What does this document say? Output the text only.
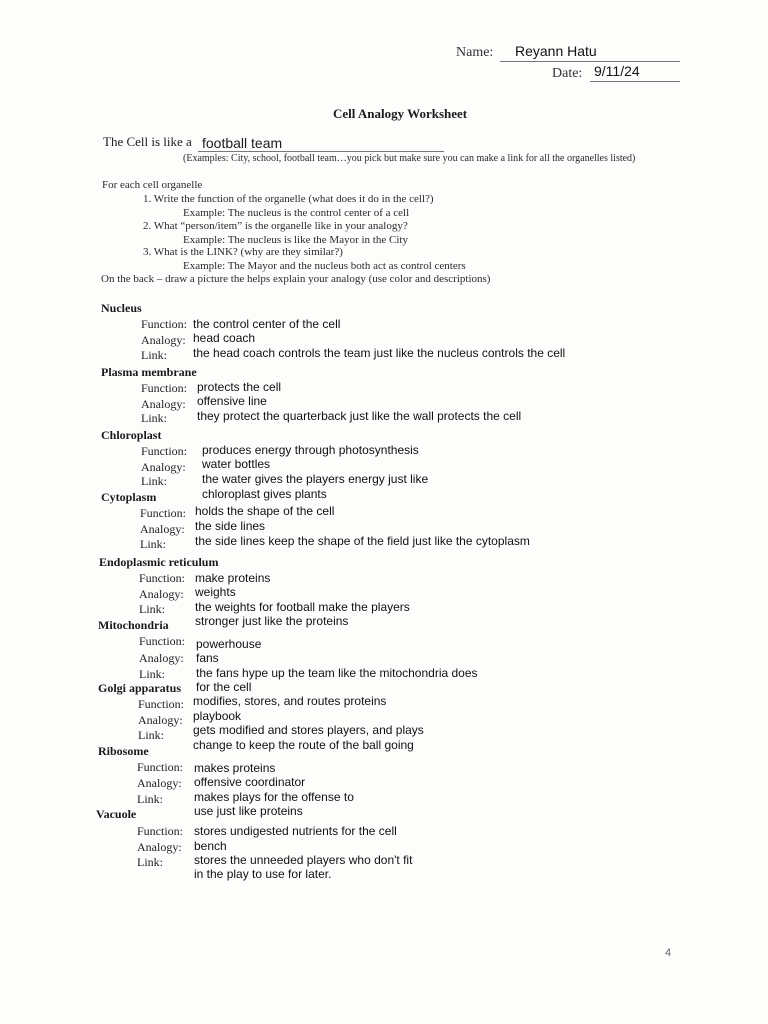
Name: Reyann Hatu
Date: 9/11/24
Cell Analogy Worksheet
The Cell is like a football team
(Examples: City, school, football team…you pick but make sure you can make a link for all the organelles listed)
For each cell organelle
1. Write the function of the organelle (what does it do in the cell?)
Example: The nucleus is the control center of a cell
2. What “person/item” is the organelle like in your analogy?
Example: The nucleus is like the Mayor in the City
3. What is the LINK? (why are they similar?)
Example: The Mayor and the nucleus both act as control centers
On the back – draw a picture the helps explain your analogy (use color and descriptions)
Nucleus
Function: the control center of the cell
Analogy: head coach
Link: the head coach controls the team just like the nucleus controls the cell
Plasma membrane
Function: protects the cell
Analogy: offensive line
Link:	they protect the quarterback just like the wall protects the cell
Chloroplast
Function: produces energy through photosynthesis
Analogy: water bottles
Link:	the water gives the players energy just like
chloroplast gives plants
Cytoplasm
Function: holds the shape of the cell
Analogy: the side lines
Link: the side lines keep the shape of the field just like the cytoplasm
Endoplasmic reticulum
Function: make proteins
Analogy: weights
Link:	the weights for football make the players
stronger just like the proteins
Mitochondria
Function: powerhouse
Analogy: fans
Link:	the fans hype up the team like the mitochondria does
for the cell
Golgi apparatus
Function: modifies, stores, and routes proteins
Analogy: playbook
Link: gets modified and stores players, and plays
change to keep the route of the ball going
Ribosome
Function: makes proteins
Analogy: offensive coordinator
Link:	makes plays for the offense to
use just like proteins
Vacuole
Function: stores undigested nutrients for the cell
Analogy: bench
Link:	stores the unneeded players who don't fit
in the play to use for later.
4
